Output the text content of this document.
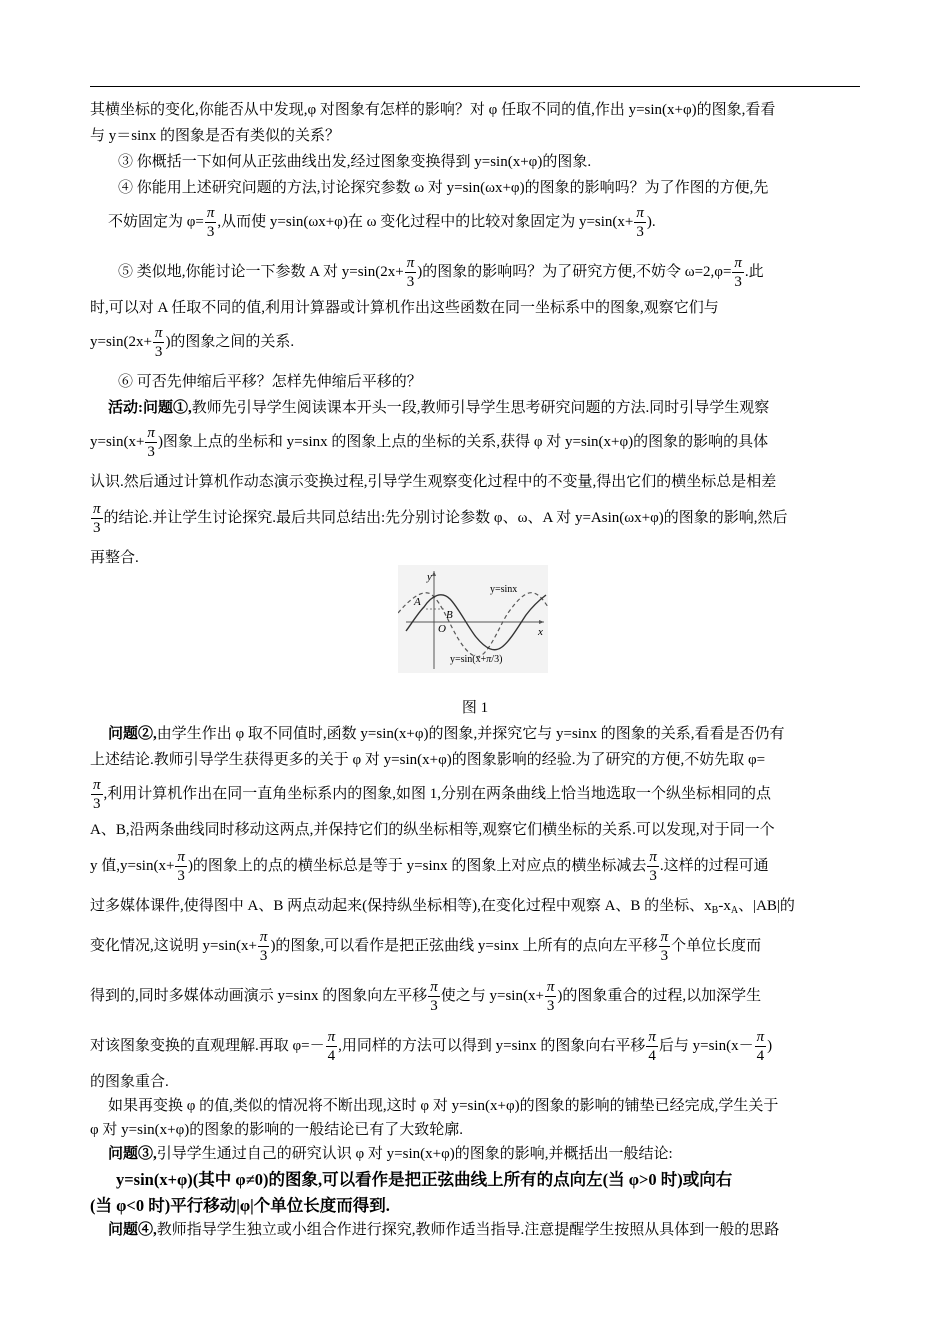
其横坐标的变化,你能否从中发现,φ 对图象有怎样的影响？对 φ 任取不同的值,作出 y=sin(x+φ)的图象,看看
与 y＝sinx 的图象是否有类似的关系？
③ 你概括一下如何从正弦曲线出发,经过图象变换得到 y=sin(x+φ)的图象.
④ 你能用上述研究问题的方法,讨论探究参数 ω 对 y=sin(ωx+φ)的图象的影响吗？为了作图的方便,先
不妨固定为 $\varphi= \frac{\pi}{3}$ ,从而使 y=sin(ωx+φ)在 ω 变化过程中的比较对象固定为 $y=\sin(x+ \frac{\pi}{3}$ ).
⑤ 类似地,你能讨论一下参数 A 对 $y=\sin(2x+ \frac{\pi}{3}$ )的图象的影响吗？为了研究方便,不妨令 $\omega=2,\varphi= \frac{\pi}{3}$ .此
时,可以对 A 任取不同的值,利用计算器或计算机作出这些函数在同一坐标系中的图象,观察它们与
$y=\sin(2x+ \frac{\pi}{3}$ )的图象之间的关系.
⑥ 可否先伸缩后平移？怎样先伸缩后平移的？
活动:问题①,教师先引导学生阅读课本开头一段,教师引导学生思考研究问题的方法.同时引导学生观察
$y=\sin(x+ \frac{\pi}{3}$ )图象上点的坐标和 y=sinx 的图象上点的坐标的关系,获得 φ 对 y=sin(x+φ)的图象的影响的具体
认识.然后通过计算机作动态演示变换过程,引导学生观察变化过程中的不变量,得出它们的横坐标总是相差
$\frac{\pi}{3}$ 的结论.并让学生讨论探究.最后共同总结出:先分别讨论参数 φ、ω、A 对 y=Asin(ωx+φ)的图象的影响,然后
再整合.
图 1
问题②,由学生作出 φ 取不同值时,函数 y=sin(x+φ)的图象,并探究它与 y=sinx 的图象的关系,看看是否仍有
上述结论.教师引导学生获得更多的关于 φ 对 y=sin(x+φ)的图象影响的经验.为了研究的方便,不妨先取 φ=
$\frac{\pi}{3}$ ,利用计算机作出在同一直角坐标系内的图象,如图 1,分别在两条曲线上恰当地选取一个纵坐标相同的点
A、B,沿两条曲线同时移动这两点,并保持它们的纵坐标相等,观察它们横坐标的关系.可以发现,对于同一个
y 值$,y=\sin(x+ \frac{\pi}{3}$ )的图象上的点的横坐标总是等于 y=sinx 的图象上对应点的横坐标减去 $\frac{\pi}{3}$ .这样的过程可通
过多媒体课件,使得图中 A、B 两点动起来(保持纵坐标相等),在变化过程中观察 A、B 的坐标、$x_B-x_A$、|AB|的
变化情况,这说明 $y=\sin(x+ \frac{\pi}{3}$ )的图象,可以看作是把正弦曲线 y=sinx 上所有的点向左平移 $\frac{\pi}{3}$ 个单位长度而
得到的,同时多媒体动画演示 y=sinx 的图象向左平移 $\frac{\pi}{3}$ 使之与 $y=\sin(x+ \frac{\pi}{3}$ )的图象重合的过程,以加深学生
对该图象变换的直观理解.再取 $\varphi=- \frac{\pi}{4}$ ,用同样的方法可以得到 y=sinx 的图象向右平移 $\frac{\pi}{4}$ 后与 $y=\sin(x- \frac{\pi}{4}$ )
的图象重合.
如果再变换 φ 的值,类似的情况将不断出现,这时 φ 对 y=sin(x+φ)的图象的影响的铺垫已经完成,学生关于
φ 对 y=sin(x+φ)的图象的影响的一般结论已有了大致轮廓.
问题③,引导学生通过自己的研究认识 φ 对 y=sin(x+φ)的图象的影响,并概括出一般结论:
y=sin(x+φ)(其中 φ≠0)的图象,可以看作是把正弦曲线上所有的点向左(当 φ>0 时)或向右
(当 φ<0 时)平行移动|φ|个单位长度而得到.
问题④,教师指导学生独立或小组合作进行探究,教师作适当指导.注意提醒学生按照从具体到一般的思路
y
x
O
A
B
y=sinx
y=sin(x+π/3)
